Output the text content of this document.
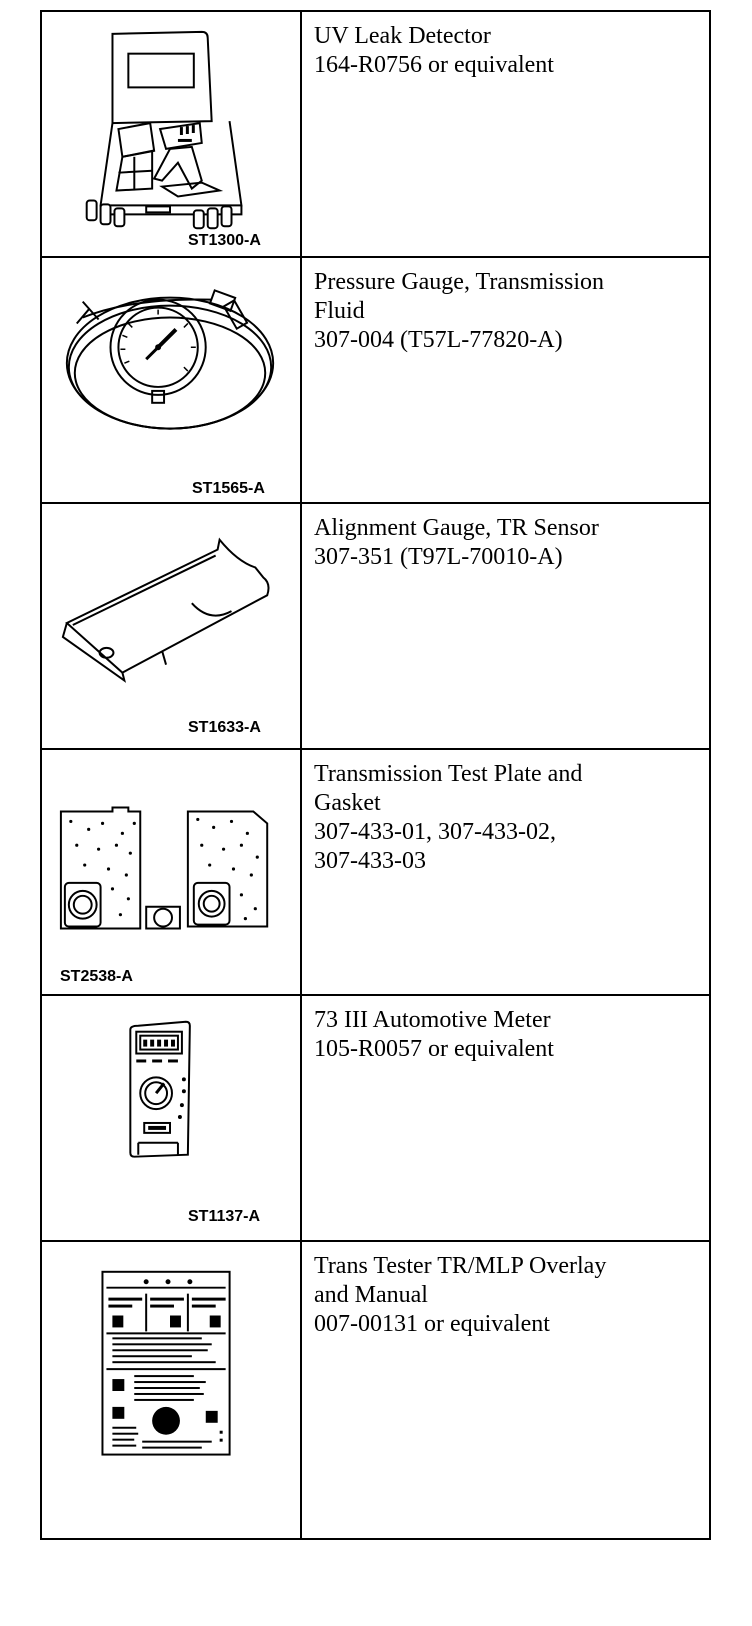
ST1300-A	UV Leak Detector
164-R0756 or equivalent

ST1565-A	Pressure Gauge, Transmission
Fluid
307-004 (T57L-77820-A)

ST1633-A	Alignment Gauge, TR Sensor
307-351 (T97L-70010-A)

ST2538-A	Transmission Test Plate and
Gasket
307-433-01, 307-433-02,
307-433-03

ST1137-A	73 III Automotive Meter
105-R0057 or equivalent

Trans Tester TR/MLP Overlay
and Manual
007-00131 or equivalent
